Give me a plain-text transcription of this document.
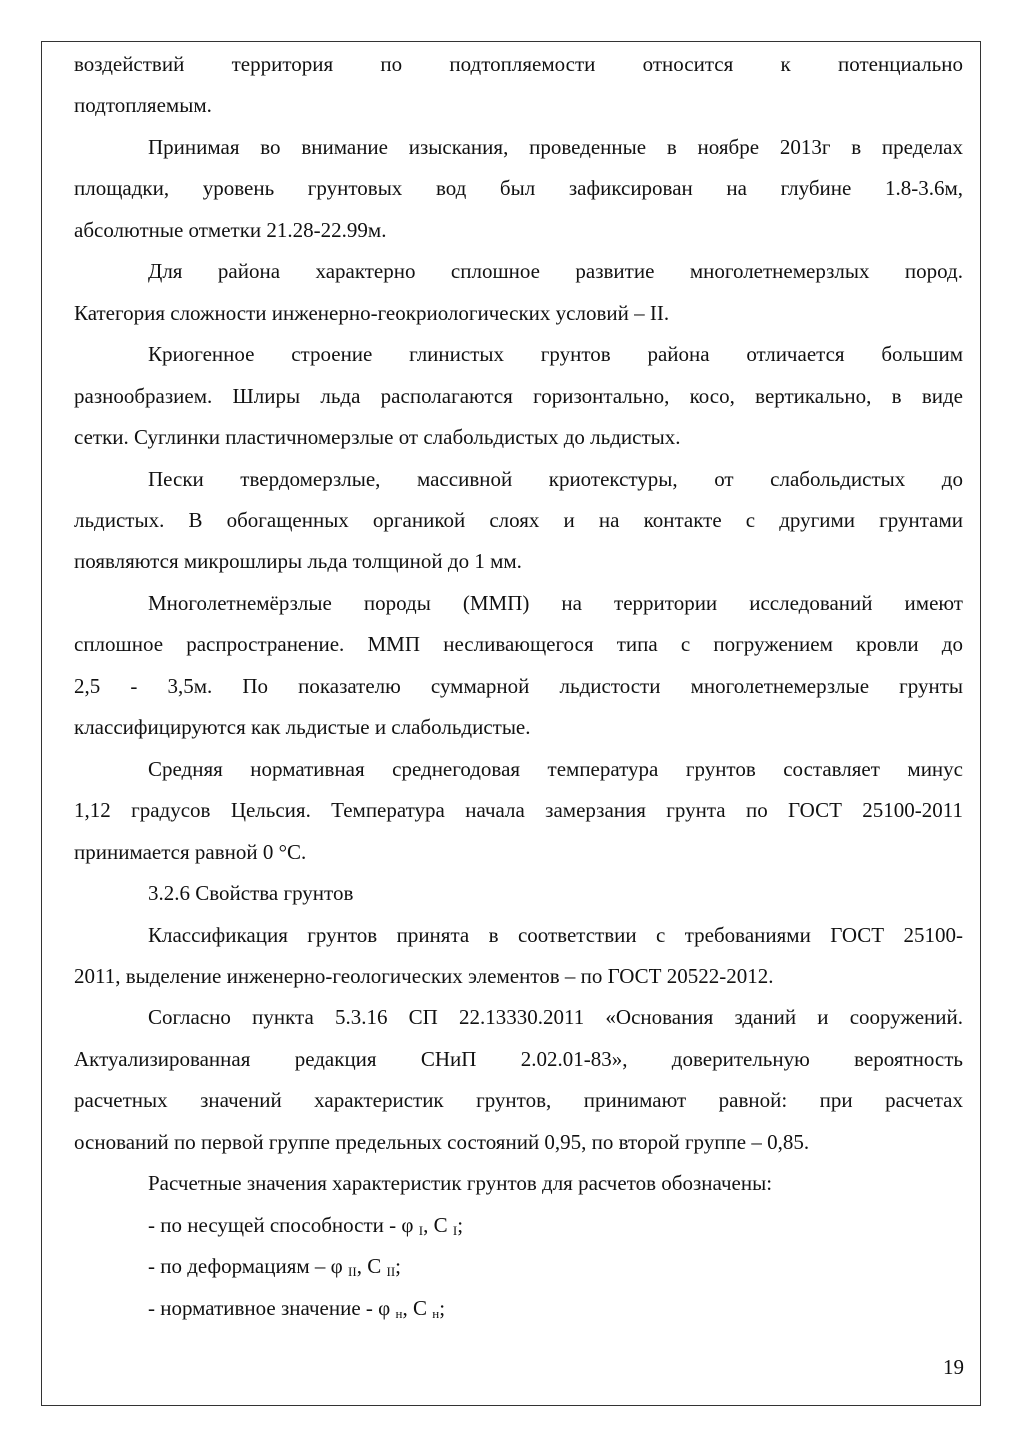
воздействий территория по подтопляемости относится к потенциально
подтопляемым.
Принимая во внимание изыскания, проведенные в ноябре 2013г в пределах
площадки, уровень грунтовых вод был зафиксирован на глубине 1.8-3.6м,
абсолютные отметки 21.28-22.99м.
Для района характерно сплошное развитие многолетнемерзлых пород.
Категория сложности инженерно-геокриологических условий – II.
Криогенное строение глинистых грунтов района отличается большим
разнообразием. Шлиры льда располагаются горизонтально, косо, вертикально, в виде
сетки. Суглинки пластичномерзлые от слабольдистых до льдистых.
Пески твердомерзлые, массивной криотекстуры, от слабольдистых до
льдистых. В обогащенных органикой слоях и на контакте с другими грунтами
появляются микрошлиры льда толщиной до 1 мм.
Многолетнемёрзлые породы (ММП) на территории исследований имеют
сплошное распространение. ММП несливающегося типа с погружением кровли до
2,5 - 3,5м. По показателю суммарной льдистости многолетнемерзлые грунты
классифицируются как льдистые и слабольдистые.
Средняя нормативная среднегодовая температура грунтов составляет минус
1,12 градусов Цельсия. Температура начала замерзания грунта по ГОСТ 25100-2011
принимается равной 0 °С.
3.2.6 Свойства грунтов
Классификация грунтов принята в соответствии с требованиями ГОСТ 25100-
2011, выделение инженерно-геологических элементов – по ГОСТ 20522-2012.
Согласно пункта 5.3.16 СП 22.13330.2011 «Основания зданий и сооружений.
Актуализированная редакция СНиП 2.02.01-83», доверительную вероятность
расчетных значений характеристик грунтов, принимают равной: при расчетах
оснований по первой группе предельных состояний 0,95, по второй группе – 0,85.
Расчетные значения характеристик грунтов для расчетов обозначены:
- по несущей способности - φ $_I$, С $_I$;
- по деформациям – φ $_{II}$, С $_{II}$;
- нормативное значение - φ $_н$, С $_н$;
19
